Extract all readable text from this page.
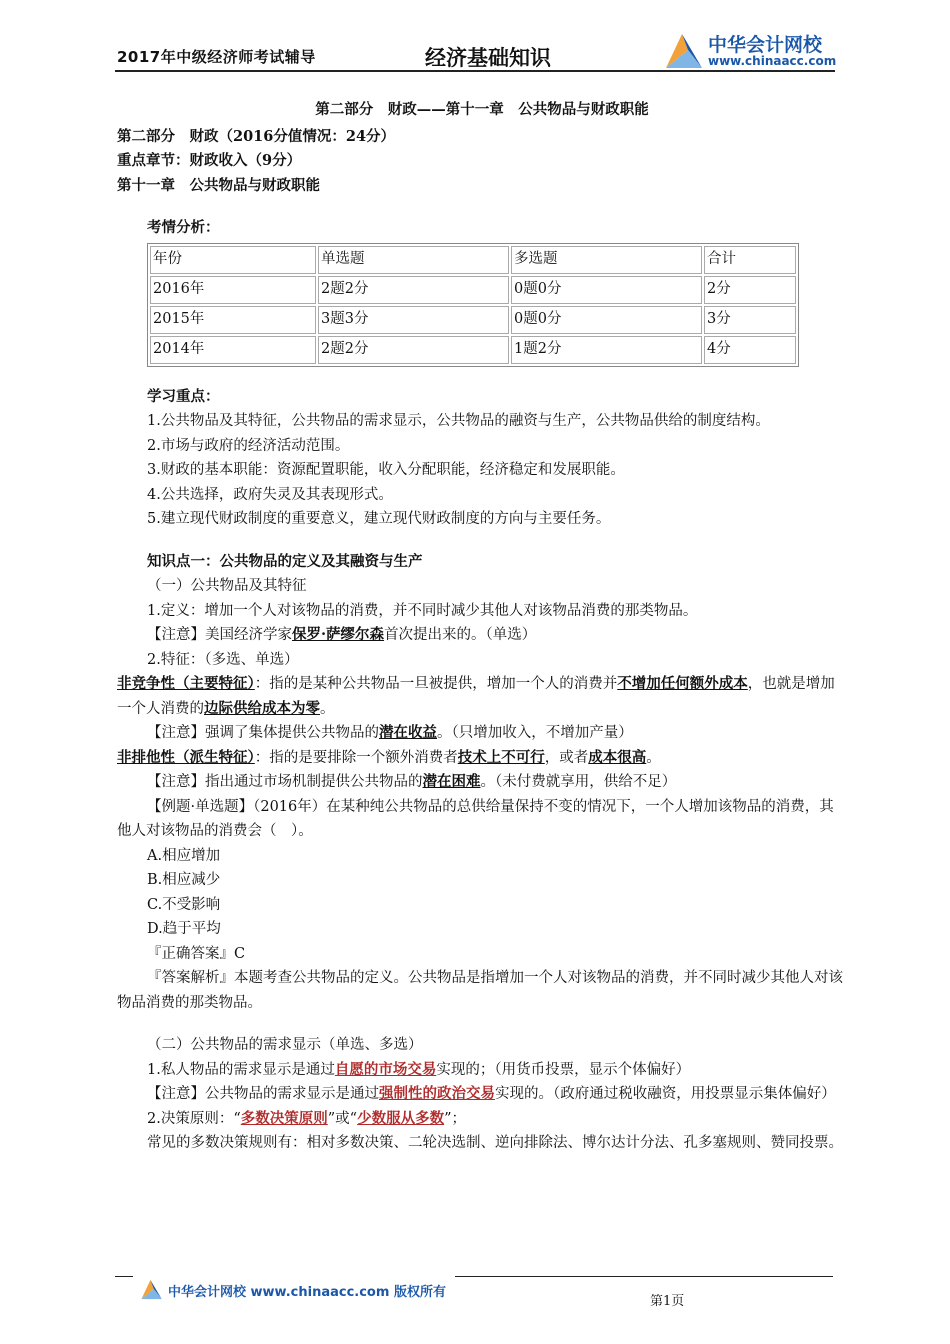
2017年中级经济师考试辅导	经济基础知识	中华会计网校
www.chinaacc.com
第二部分　财政——第十一章　公共物品与财政职能

第二部分　财政（2016分值情况：24分）

重点章节：财政收入（9分）

第十一章　公共物品与财政职能

考情分析：

年份	单选题	多选题	合计
2016年	2题2分	0题0分	2分
2015年	3题3分	0题0分	3分
2014年	2题2分	1题2分	4分

学习重点：

1.公共物品及其特征，公共物品的需求显示，公共物品的融资与生产，公共物品供给的制度结构。

2.市场与政府的经济活动范围。

3.财政的基本职能：资源配置职能，收入分配职能，经济稳定和发展职能。

4.公共选择，政府失灵及其表现形式。

5.建立现代财政制度的重要意义，建立现代财政制度的方向与主要任务。

知识点一：公共物品的定义及其融资与生产

（一）公共物品及其特征

1.定义：增加一个人对该物品的消费，并不同时减少其他人对该物品消费的那类物品。

【注意】美国经济学家保罗·萨缪尔森首次提出来的。（单选）

2.特征：（多选、单选）

非竞争性（主要特征）：指的是某种公共物品一旦被提供，增加一个人的消费并不增加任何额外成本，也就是增加一个人消费的边际供给成本为零。

【注意】强调了集体提供公共物品的潜在收益。（只增加收入，不增加产量）

非排他性（派生特征）：指的是要排除一个额外消费者技术上不可行，或者成本很高。

【注意】指出通过市场机制提供公共物品的潜在困难。（未付费就享用，供给不足）

【例题·单选题】（2016年）在某种纯公共物品的总供给量保持不变的情况下，一个人增加该物品的消费，其他人对该物品的消费会（　）。

A.相应增加

B.相应减少

C.不受影响

D.趋于平均

『正确答案』C

『答案解析』本题考查公共物品的定义。公共物品是指增加一个人对该物品的消费，并不同时减少其他人对该物品消费的那类物品。

（二）公共物品的需求显示（单选、多选）

1.私人物品的需求显示是通过自愿的市场交易实现的；（用货币投票，显示个体偏好）

【注意】公共物品的需求显示是通过强制性的政治交易实现的。（政府通过税收融资，用投票显示集体偏好）

2.决策原则：“多数决策原则”或“少数服从多数”；

常见的多数决策规则有：相对多数决策、二轮决选制、逆向排除法、博尔达计分法、孔多塞规则、赞同投票。

中华会计网校 www.chinaacc.com 版权所有
第1页
